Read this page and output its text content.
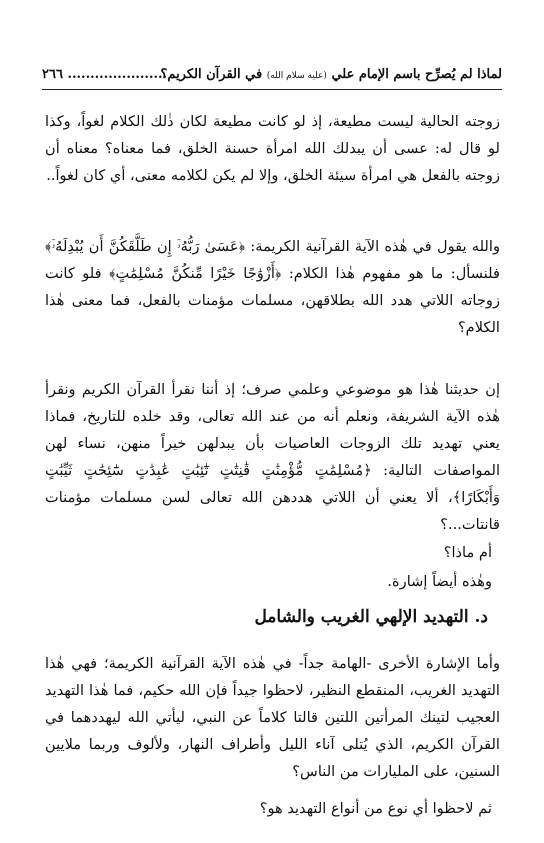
لماذا لم يُصرِّح باسم الإمام علي (عليه سلام الله) في القرآن الكريم؟
٢٦٦ ......................

زوجته الحالية ليست مطيعة، إذ لو كانت مطيعة لكان ذٰلك الكلام لغواً، وكذا لو قال له: عسى أن يبدلك الله امرأة حسنة الخلق، فما معناه؟ معناه أن زوجته بالفعل هي امرأة سيئة الخلق، وإلا لم يكن لكلامه معنى، أي كان لغواً..

والله يقول في هٰذه الآية القرآنية الكريمة: ﴿عَسَىٰ رَبُّهُۥٓ إِن طَلَّقَكُنَّ أَن يُبْدِلَهُۥٓ﴾ فلنسأل: ما هو مفهوم هٰذا الكلام: ﴿أَزْوَٰجًا خَيْرًا مِّنكُنَّ مُسْلِمَٰتٍ﴾ فلو كانت زوجاته اللاتي هدد الله بطلاقهن، مسلمات مؤمنات بالفعل، فما معنى هٰذا الكلام؟

إن حديثنا هٰذا هو موضوعي وعلمي صرف؛ إذ أننا نقرأ القرآن الكريم ونقرأ هٰذه الآية الشريفة، ونعلم أنه من عند الله تعالى، وقد خلده للتاريخ، فماذا يعني تهديد تلك الزوجات العاصيات بأن يبدلهن خيراً منهن، نساء لهن المواصفات التالية: ﴿مُسْلِمَٰتٍ مُّؤْمِنَٰتٍ قَٰنِتَٰتٍ تَٰٓئِبَٰتٍ عَٰبِدَٰتٍ سَٰٓئِحَٰتٍ ثَيِّبَٰتٍ وَأَبْكَارًا﴾، ألا يعني أن اللاتي هددهن الله تعالى لسن مسلمات مؤمنات قانتات...؟

أم ماذا؟

وهٰذه أيضاً إشارة.

د. التهديد الإلهي الغريب والشامل

وأما الإشارة الأخرى -الهامة جداً- في هٰذه الآية القرآنية الكريمة؛ فهي هٰذا التهديد الغريب، المنقطع النظير، لاحظوا جيداً فإن الله حكيم، فما هٰذا التهديد العجيب لتينك المرأتين اللتين قالتا كلاماً عن النبي، ليأتي الله ليهددهما في القرآن الكريم، الذي يُتلى آناء الليل وأطراف النهار، ولألوف وربما ملايين السنين، على المليارات من الناس؟

ثم لاحظوا أي نوع من أنواع التهديد هو؟
